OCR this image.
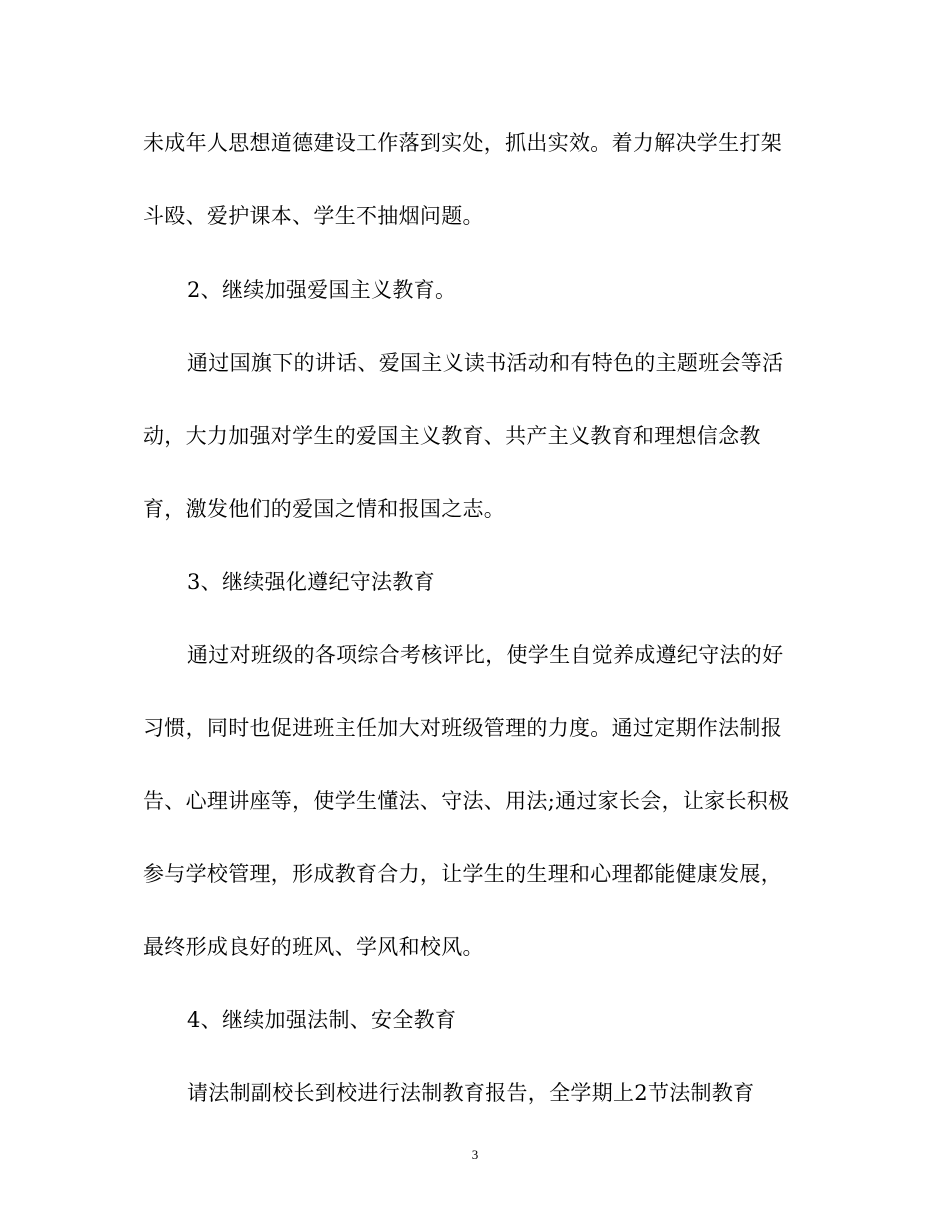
未成年人思想道德建设工作落到实处，抓出实效。着力解决学生打架
斗殴、爱护课本、学生不抽烟问题。
2、继续加强爱国主义教育。
通过国旗下的讲话、爱国主义读书活动和有特色的主题班会等活
动，大力加强对学生的爱国主义教育、共产主义教育和理想信念教
育，激发他们的爱国之情和报国之志。
3、继续强化遵纪守法教育
通过对班级的各项综合考核评比，使学生自觉养成遵纪守法的好
习惯，同时也促进班主任加大对班级管理的力度。通过定期作法制报
告、心理讲座等，使学生懂法、守法、用法;通过家长会，让家长积极
参与学校管理，形成教育合力，让学生的生理和心理都能健康发展，
最终形成良好的班风、学风和校风。
4、继续加强法制、安全教育
请法制副校长到校进行法制教育报告，全学期上2节法制教育
3
